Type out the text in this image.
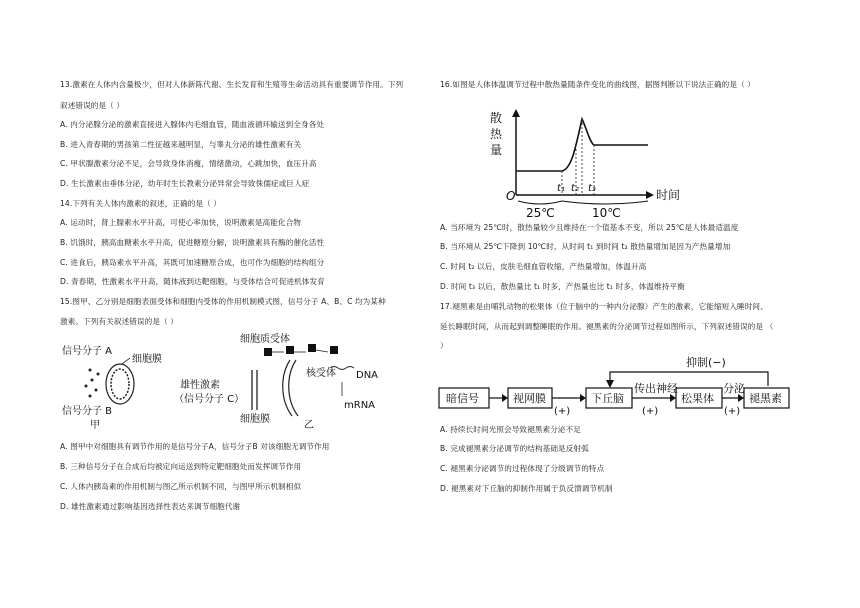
13.激素在人体内含量极少，但对人体新陈代谢、生长发育和生殖等生命活动具有重要调节作用。下列
叙述错误的是（ ）
A. 内分泌腺分泌的激素直接进入腺体内毛细血管，随血液循环输送到全身各处
B. 进入青春期的男孩第二性征越来越明显，与睾丸分泌的雄性激素有关
C. 甲状腺激素分泌不足，会导致身体消瘦，情绪激动，心跳加快，血压升高
D. 生长激素由垂体分泌，幼年时生长教素分泌异常会导致侏儒症或巨人症
14.下列有关人体内激素的叙述，正确的是（ ）
A. 运动时，肾上腺素水平升高，可使心率加快，说明激素是高能化合物
B. 饥饿时，胰高血糖素水平升高，促进糖原分解，说明激素具有酶的催化活性
C. 进食后，胰岛素水平升高，其既可加速糖原合成，也可作为细胞的结构组分
D. 青春期，性激素水平升高，随体液到达靶细胞，与受体结合可促进机体发育
15.图甲、乙分别是细胞表面受体和细胞内受体的作用机制模式图，信号分子 A、B、C 均为某种
激素。下列有关叙述错误的是（ ）
信号分子 A
细胞膜
信号分子 B
甲
细胞质受体
核受体 DNA
mRNA
雄性激素
（信号分子 C）
细胞膜
乙
A. 图甲中对细胞具有调节作用的是信号分子A，信号分子B 对该细胞无调节作用
B. 三种信号分子在合成后均被定向运送到特定靶细胞处而发挥调节作用
C. 人体内胰岛素的作用机制与图乙所示机制不同，与图甲所示机制相似
D. 雄性激素通过影响基因选择性表达来调节细胞代谢
16.如图是人体体温调节过程中散热量随条件变化的曲线图，据图判断以下说法正确的是（ ）
散
热
量
O
t₁ t₂ t₃	时间
25℃	10℃
A. 当环境为 25℃时，散热量较少且维持在一个值基本不变，所以 25℃是人体最适温度
B. 当环境从 25℃下降到 10℃时，从时间 t₁ 到时间 t₂ 散热量增加是因为产热量增加
C. 时间 t₂ 以后，皮肤毛细血管收缩，产热量增加，体温升高
D. 时间 t₃ 以后，散热量比 t₁ 时多，产热量也比 t₁ 时多，体温维持平衡
17.褪黑素是由哺乳动物的松果体（位于脑中的一种内分泌腺）产生的激素，它能缩短入睡时间、
延长睡眠时间，从而起到调整睡眠的作用。褪黑素的分泌调节过程如图所示，下列叙述错误的是 （
）
抑制(−)
暗信号	视网膜
(+)
下丘脑
传出神经
(+)
松果体
分泌
(+)
褪黑素
A. 持续长时间光照会导致褪黑素分泌不足
B. 完成褪黑素分泌调节的结构基础是反射弧
C. 褪黑素分泌调节的过程体现了分级调节的特点
D. 褪黑素对下丘脑的抑制作用属于负反馈调节机制
